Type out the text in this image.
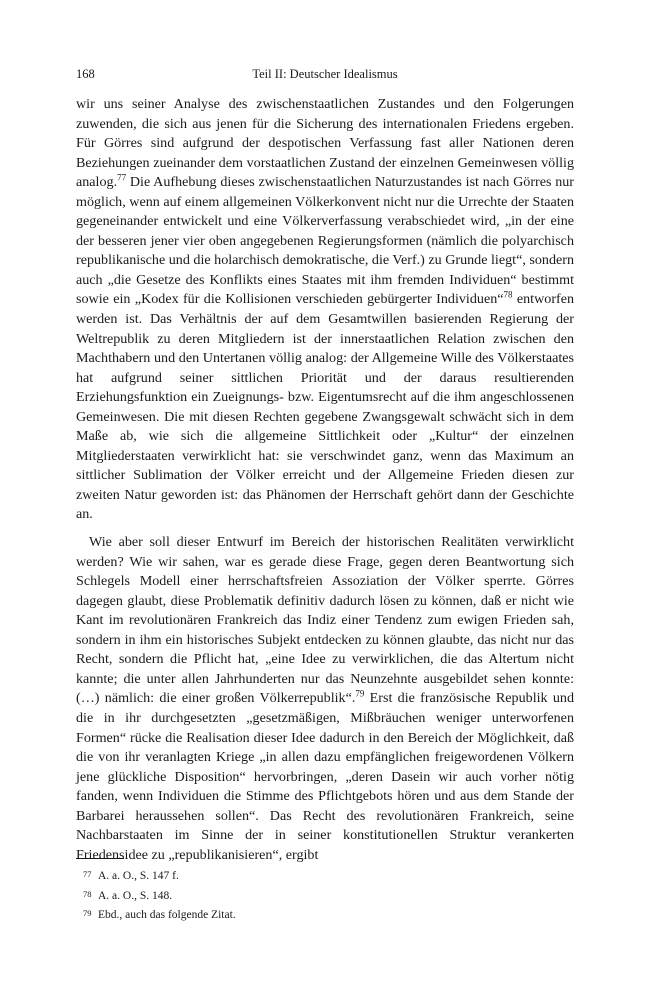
168	Teil II: Deutscher Idealismus

wir uns seiner Analyse des zwischenstaatlichen Zustandes und den Folgerungen zuwenden, die sich aus jenen für die Sicherung des internationalen Friedens ergeben. Für Görres sind aufgrund der despotischen Verfassung fast aller Nationen deren Beziehungen zueinander dem vorstaatlichen Zustand der einzelnen Gemeinwesen völlig analog.$^{77}$ Die Aufhebung dieses zwischenstaatlichen Naturzustandes ist nach Görres nur möglich, wenn auf einem allgemeinen Völkerkonvent nicht nur die Urrechte der Staaten gegeneinander entwickelt und eine Völkerverfassung verabschiedet wird, „in der eine der besseren jener vier oben angegebenen Regierungsformen (nämlich die polyarchisch republikanische und die holarchisch demokratische, die Verf.) zu Grunde liegt“, sondern auch „die Gesetze des Konflikts eines Staates mit ihm fremden Individuen“ bestimmt sowie ein „Kodex für die Kollisionen verschieden gebürgerter Individuen“$^{78}$ entworfen werden ist. Das Verhältnis der auf dem Gesamtwillen basierenden Regierung der Weltrepublik zu deren Mitgliedern ist der innerstaatlichen Relation zwischen den Machthabern und den Untertanen völlig analog: der Allgemeine Wille des Völkerstaates hat aufgrund seiner sittlichen Priorität und der daraus resultierenden Erziehungsfunktion ein Zueignungs- bzw. Eigentumsrecht auf die ihm angeschlossenen Gemeinwesen. Die mit diesen Rechten gegebene Zwangsgewalt schwächt sich in dem Maße ab, wie sich die allgemeine Sittlichkeit oder „Kultur“ der einzelnen Mitgliederstaaten verwirklicht hat: sie verschwindet ganz, wenn das Maximum an sittlicher Sublimation der Völker erreicht und der Allgemeine Frieden diesen zur zweiten Natur geworden ist: das Phänomen der Herrschaft gehört dann der Geschichte an.

Wie aber soll dieser Entwurf im Bereich der historischen Realitäten verwirklicht werden? Wie wir sahen, war es gerade diese Frage, gegen deren Beantwortung sich Schlegels Modell einer herrschaftsfreien Assoziation der Völker sperrte. Görres dagegen glaubt, diese Problematik definitiv dadurch lösen zu können, daß er nicht wie Kant im revolutionären Frankreich das Indiz einer Tendenz zum ewigen Frieden sah, sondern in ihm ein historisches Subjekt entdecken zu können glaubte, das nicht nur das Recht, sondern die Pflicht hat, „eine Idee zu verwirklichen, die das Altertum nicht kannte; die unter allen Jahrhunderten nur das Neunzehnte ausgebildet sehen konnte: (…) nämlich: die einer großen Völkerrepublik“.$^{79}$ Erst die französische Republik und die in ihr durchgesetzten „gesetzmäßigen, Mißbräuchen weniger unterworfenen Formen“ rücke die Realisation dieser Idee dadurch in den Bereich der Möglichkeit, daß die von ihr veranlagten Kriege „in allen dazu empfänglichen freigewordenen Völkern jene glückliche Disposition“ hervorbringen, „deren Dasein wir auch vorher nötig fanden, wenn Individuen die Stimme des Pflichtgebots hören und aus dem Stande der Barbarei heraussehen sollen“. Das Recht des revolutionären Frankreich, seine Nachbarstaaten im Sinne der in seiner konstitutionellen Struktur verankerten Friedensidee zu „republikanisieren“, ergibt

77 A. a. O., S. 147 f.
78 A. a. O., S. 148.
79 Ebd., auch das folgende Zitat.
